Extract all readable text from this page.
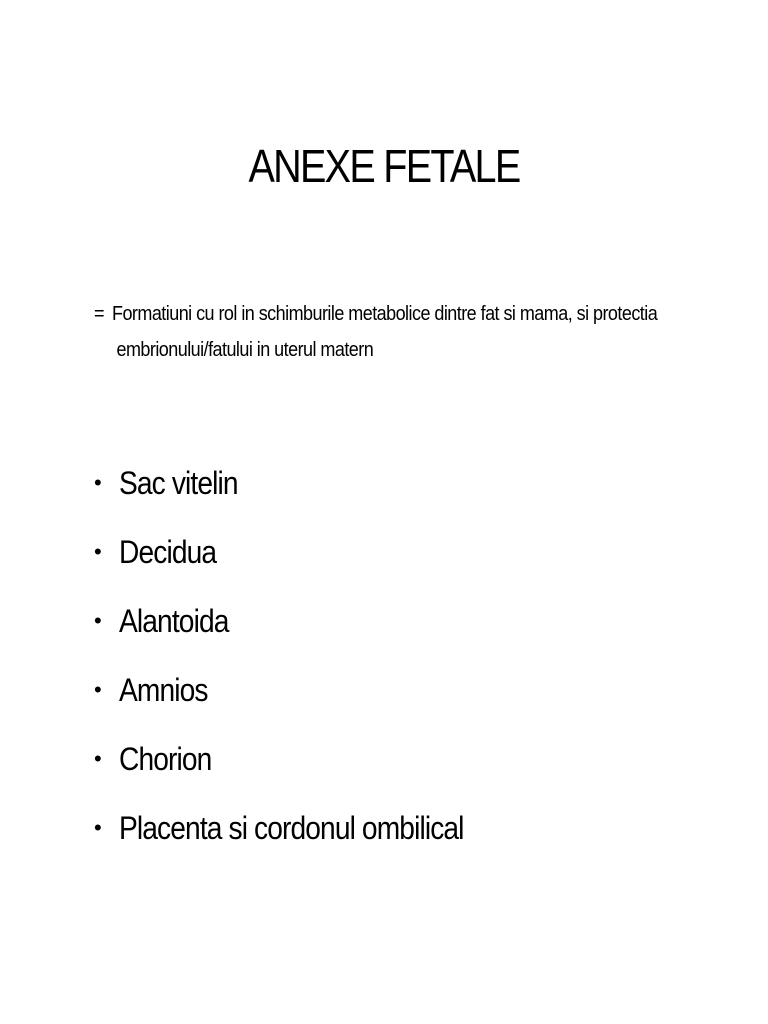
ANEXE FETALE
= Formatiuni cu rol in schimburile metabolice dintre fat si mama, si protectia
embrionului/fatului in uterul matern
• Sac vitelin
• Decidua
• Alantoida
• Amnios
• Chorion
• Placenta si cordonul ombilical
